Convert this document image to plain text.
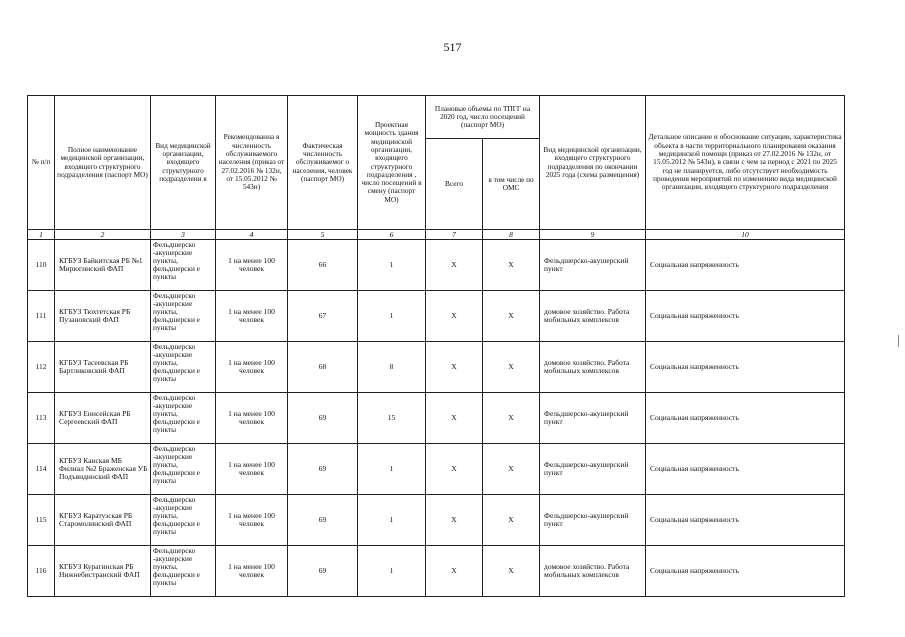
517
№ п/п	Полное наименование медицинской организации, входящего структурного подразделения (паспорт МО)	Вид медицинской организации, входящего структурного подразделени я	Рекомендованна я численность обслуживаемого населения (приказ от 27.02.2016 № 132н, от 15.05.2012 № 543н)	Фактическая численность обслуживаемог о населения, человек (паспорт МО)	Проектная мощность здания медицинской организации, входящего структурного подразделения , число посещений в смену (паспорт МО)	Плановые объемы по ТПГГ на 2020 год, число посещений (паспорт МО)		Вид медицинской организации, входящего структурного подразделения по окончании 2025 года (схема размещения)	Детальное описание и обоснование ситуации, характеристика объекта в части территориального планирования оказания медицинской помощи (приказ от 27.02.2016 № 132н, от 15.05.2012 № 543н), в связи с чем за период с 2021 по 2025 год не планируется, либо отсутствует необходимость проведения мероприятий по изменению вида медицинской организации, входящего структурного подразделения
						Всего	в том числе по ОМС		
1	2	3	4	5	6	7	8	9	10
110	КГБУЗ Байкитская РБ №1 Мирюгинский ФАП	Фельдшерско -акушерские пункты, фельдшерски е пункты	1 на менее 100 человек	66	1	X	X	Фельдшерско-акушерский пункт	Социальная напряженность
111	КГБУЗ Тюхтетская РБ Пузановский ФАП	Фельдшерско -акушерские пункты, фельдшерски е пункты	1 на менее 100 человек	67	1	X	X	домовое хозяйство. Работа мобильных комплексов	Социальная напряженность
112	КГБУЗ Тасеевская РБ Бартликовский ФАП	Фельдшерско -акушерские пункты, фельдшерски е пункты	1 на менее 100 человек	68	8	X	X	домовое хозяйство. Работа мобильных комплексов	Социальная напряженность
113	КГБУЗ Енисейская РБ Сергеевский ФАП	Фельдшерско -акушерские пункты, фельдшерски е пункты	1 на менее 100 человек	69	15	X	X	Фельдшерско-акушерский пункт	Социальная напряженность
114	КГБУЗ Канская МБ Филиал №2 Браженская УБ Подъяндинский ФАП	Фельдшерско -акушерские пункты, фельдшерски е пункты	1 на менее 100 человек	69	1	X	X	Фельдшерско-акушерский пункт	Социальная напряженность
115	КГБУЗ Каратузская РБ Старомолинский ФАП	Фельдшерско -акушерские пункты, фельдшерски е пункты	1 на менее 100 человек	69	1	X	X	Фельдшерско-акушерский пункт	Социальная напряженность
116	КГБУЗ Курагинская РБ Нижнебистранский ФАП	Фельдшерско -акушерские пункты, фельдшерски е пункты	1 на менее 100 человек	69	1	X	X	домовое хозяйство. Работа мобильных комплексов	Социальная напряженность
